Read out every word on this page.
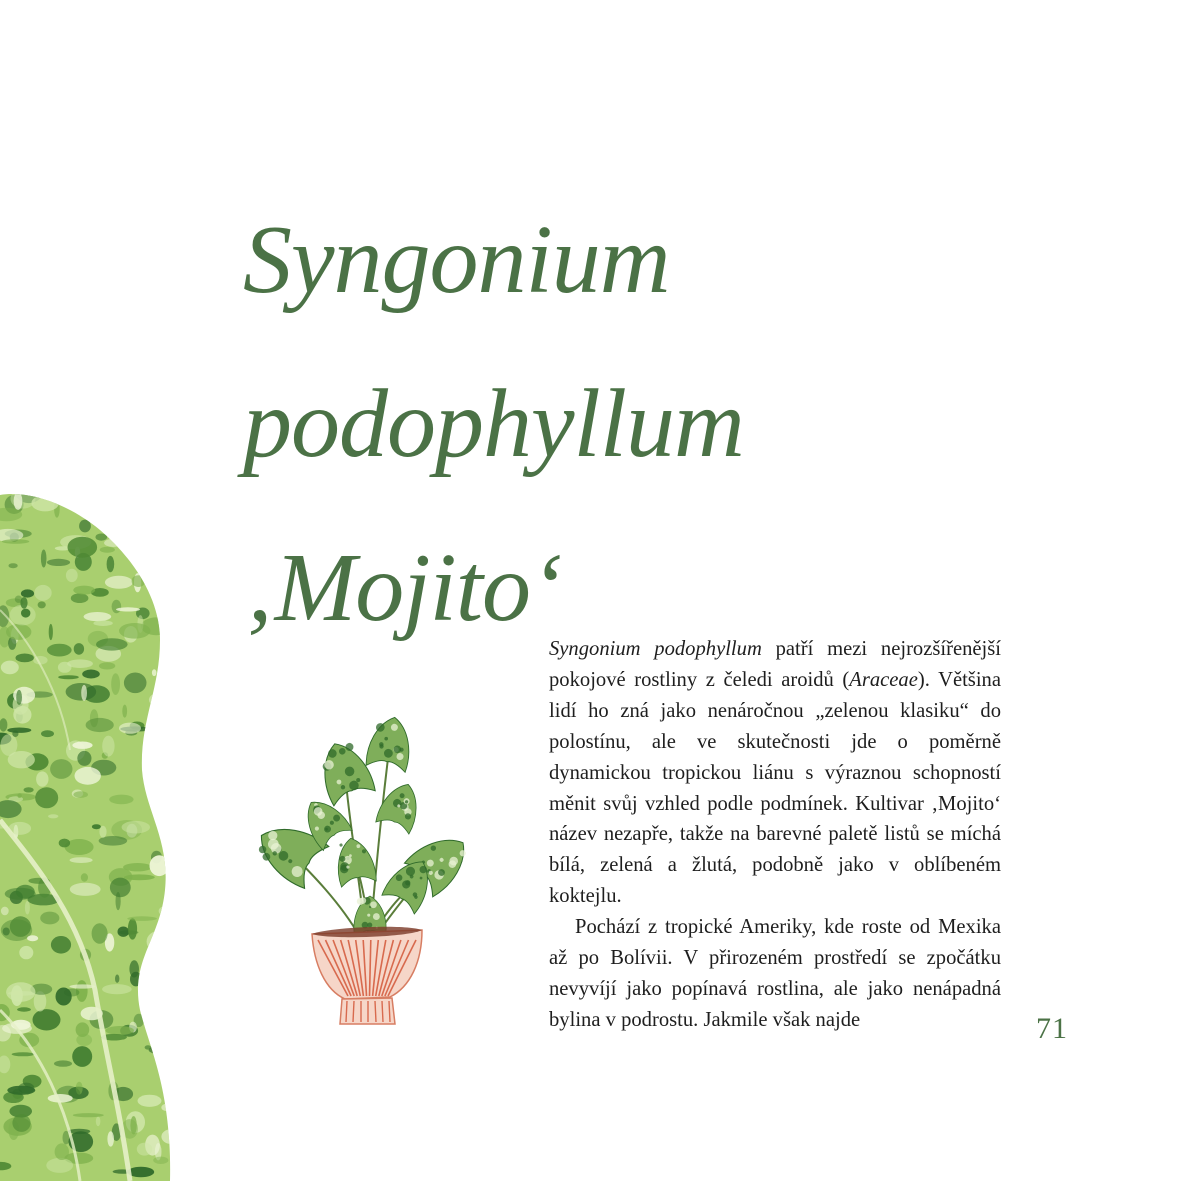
Syngonium
podophyllum
‚Mojito‘

Syngonium podophyllum patří mezi nejrozšířenější pokojové rostliny z čeledi aroidů (Araceae). Většina lidí ho zná jako nenáročnou „zelenou klasiku“ do polostínu, ale ve skutečnosti jde o poměrně dynamickou tropickou liánu s výraznou schopností měnit svůj vzhled podle podmínek. Kultivar ‚Mojito‘ název nezapře, takže na barevné paletě listů se míchá bílá, zelená a žlutá, podobně jako v oblíbeném koktejlu.

Pochází z tropické Ameriky, kde roste od Mexika až po Bolívii. V přirozeném prostředí se zpočátku nevyvíjí jako popínavá rostlina, ale jako nenápadná bylina v podrostu. Jakmile však najde	71
